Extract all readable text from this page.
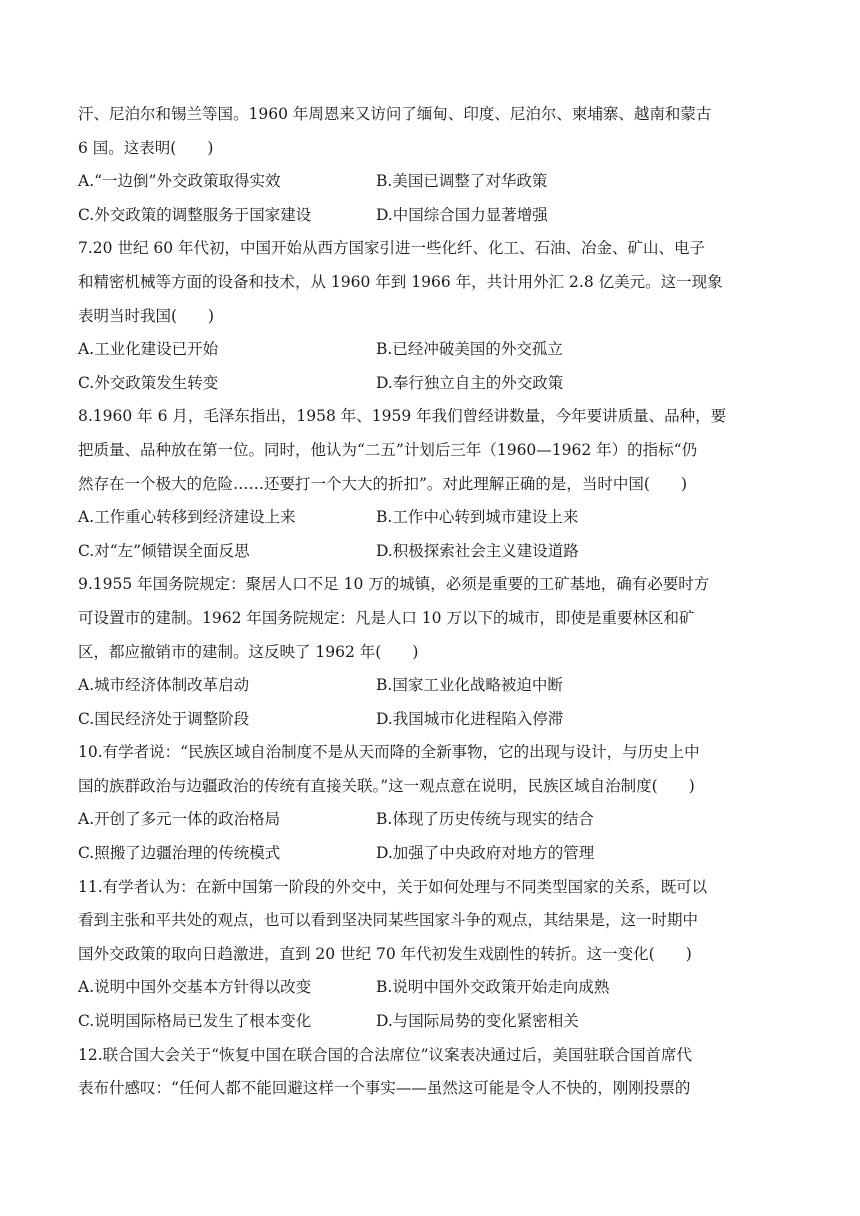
汗、尼泊尔和锡兰等国。1960 年周恩来又访问了缅甸、印度、尼泊尔、柬埔寨、越南和蒙古
6 国。这表明(　　)
A.“一边倒”外交政策取得实效	B.美国已调整了对华政策
C.外交政策的调整服务于国家建设	D.中国综合国力显著增强
7.20 世纪 60 年代初，中国开始从西方国家引进一些化纤、化工、石油、冶金、矿山、电子
和精密机械等方面的设备和技术，从 1960 年到 1966 年，共计用外汇 2.8 亿美元。这一现象
表明当时我国(　　)
A.工业化建设已开始	B.已经冲破美国的外交孤立
C.外交政策发生转变	D.奉行独立自主的外交政策
8.1960 年 6 月，毛泽东指出，1958 年、1959 年我们曾经讲数量，今年要讲质量、品种，要
把质量、品种放在第一位。同时，他认为“二五”计划后三年（1960—1962 年）的指标“仍
然存在一个极大的危险……还要打一个大大的折扣”。对此理解正确的是，当时中国(　　)
A.工作重心转移到经济建设上来	B.工作中心转到城市建设上来
C.对“左”倾错误全面反思	D.积极探索社会主义建设道路
9.1955 年国务院规定：聚居人口不足 10 万的城镇，必须是重要的工矿基地，确有必要时方
可设置市的建制。1962 年国务院规定：凡是人口 10 万以下的城市，即使是重要林区和矿
区，都应撤销市的建制。这反映了 1962 年(　　)
A.城市经济体制改革启动	B.国家工业化战略被迫中断
C.国民经济处于调整阶段	D.我国城市化进程陷入停滞
10.有学者说：“民族区域自治制度不是从天而降的全新事物，它的出现与设计，与历史上中
国的族群政治与边疆政治的传统有直接关联。”这一观点意在说明，民族区域自治制度(　　)
A.开创了多元一体的政治格局	B.体现了历史传统与现实的结合
C.照搬了边疆治理的传统模式	D.加强了中央政府对地方的管理
11.有学者认为：在新中国第一阶段的外交中，关于如何处理与不同类型国家的关系，既可以
看到主张和平共处的观点，也可以看到坚决同某些国家斗争的观点，其结果是，这一时期中
国外交政策的取向日趋激进，直到 20 世纪 70 年代初发生戏剧性的转折。这一变化(　　)
A.说明中国外交基本方针得以改变	B.说明中国外交政策开始走向成熟
C.说明国际格局已发生了根本变化	D.与国际局势的变化紧密相关
12.联合国大会关于“恢复中国在联合国的合法席位”议案表决通过后，美国驻联合国首席代
表布什感叹：“任何人都不能回避这样一个事实——虽然这可能是令人不快的，刚刚投票的
